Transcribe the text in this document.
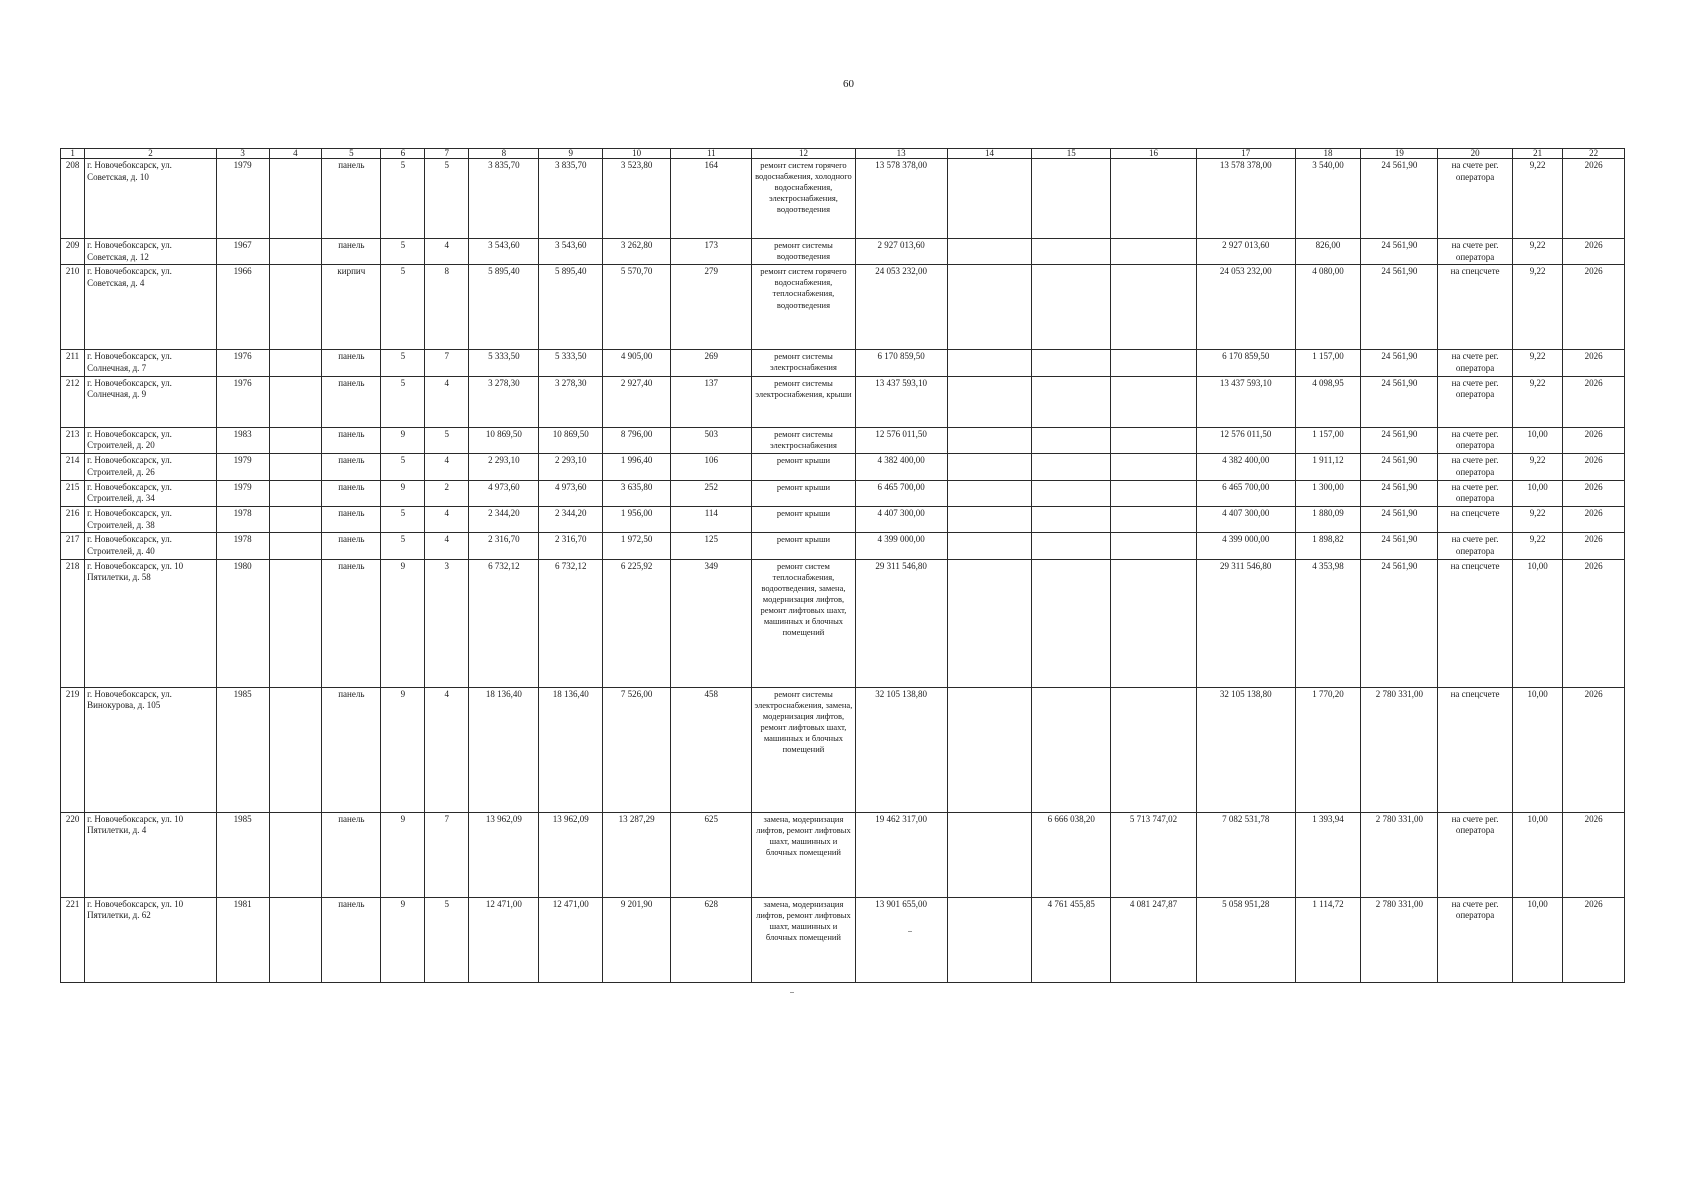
60
1	2	3	4	5	6	7	8	9	10	11	12	13	14	15	16	17	18	19	20	21	22
208	г. Новочебоксарск, ул. Советская, д. 10	1979		панель	5	5	3 835,70	3 835,70	3 523,80	164	ремонт систем горячего водоснабжения, холодного водоснабжения, электроснабжения, водоотведения	13 578 378,00				13 578 378,00	3 540,00	24 561,90	на счете рег. оператора	9,22	2026
209	г. Новочебоксарск, ул. Советская, д. 12	1967		панель	5	4	3 543,60	3 543,60	3 262,80	173	ремонт системы водоотведения	2 927 013,60				2 927 013,60	826,00	24 561,90	на счете рег. оператора	9,22	2026
210	г. Новочебоксарск, ул. Советская, д. 4	1966		кирпич	5	8	5 895,40	5 895,40	5 570,70	279	ремонт систем горячего водоснабжения, теплоснабжения, водоотведения	24 053 232,00				24 053 232,00	4 080,00	24 561,90	на спецсчете	9,22	2026
211	г. Новочебоксарск, ул. Солнечная, д. 7	1976		панель	5	7	5 333,50	5 333,50	4 905,00	269	ремонт системы электроснабжения	6 170 859,50				6 170 859,50	1 157,00	24 561,90	на счете рег. оператора	9,22	2026
212	г. Новочебоксарск, ул. Солнечная, д. 9	1976		панель	5	4	3 278,30	3 278,30	2 927,40	137	ремонт системы электроснабжения, крыши	13 437 593,10				13 437 593,10	4 098,95	24 561,90	на счете рег. оператора	9,22	2026
213	г. Новочебоксарск, ул. Строителей, д. 20	1983		панель	9	5	10 869,50	10 869,50	8 796,00	503	ремонт системы электроснабжения	12 576 011,50				12 576 011,50	1 157,00	24 561,90	на счете рег. оператора	10,00	2026
214	г. Новочебоксарск, ул. Строителей, д. 26	1979		панель	5	4	2 293,10	2 293,10	1 996,40	106	ремонт крыши	4 382 400,00				4 382 400,00	1 911,12	24 561,90	на счете рег. оператора	9,22	2026
215	г. Новочебоксарск, ул. Строителей, д. 34	1979		панель	9	2	4 973,60	4 973,60	3 635,80	252	ремонт крыши	6 465 700,00				6 465 700,00	1 300,00	24 561,90	на счете рег. оператора	10,00	2026
216	г. Новочебоксарск, ул. Строителей, д. 38	1978		панель	5	4	2 344,20	2 344,20	1 956,00	114	ремонт крыши	4 407 300,00				4 407 300,00	1 880,09	24 561,90	на спецсчете	9,22	2026
217	г. Новочебоксарск, ул. Строителей, д. 40	1978		панель	5	4	2 316,70	2 316,70	1 972,50	125	ремонт крыши	4 399 000,00				4 399 000,00	1 898,82	24 561,90	на счете рег. оператора	9,22	2026
218	г. Новочебоксарск, ул. 10 Пятилетки, д. 58	1980		панель	9	3	6 732,12	6 732,12	6 225,92	349	ремонт систем теплоснабжения, водоотведения, замена, модернизация лифтов, ремонт лифтовых шахт, машинных и блочных помещений	29 311 546,80				29 311 546,80	4 353,98	24 561,90	на спецсчете	10,00	2026
219	г. Новочебоксарск, ул. Винокурова, д. 105	1985		панель	9	4	18 136,40	18 136,40	7 526,00	458	ремонт системы электроснабжения, замена, модернизация лифтов, ремонт лифтовых шахт, машинных и блочных помещений	32 105 138,80				32 105 138,80	1 770,20	2 780 331,00	на спецсчете	10,00	2026
220	г. Новочебоксарск, ул. 10 Пятилетки, д. 4	1985		панель	9	7	13 962,09	13 962,09	13 287,29	625	замена, модернизация лифтов, ремонт лифтовых шахт, машинных и блочных помещений	19 462 317,00		6 666 038,20	5 713 747,02	7 082 531,78	1 393,94	2 780 331,00	на счете рег. оператора	10,00	2026
221	г. Новочебоксарск, ул. 10 Пятилетки, д. 62	1981		панель	9	5	12 471,00	12 471,00	9 201,90	628	замена, модернизация лифтов, ремонт лифтовых шахт, машинных и блочных помещений	13 901 655,00		4 761 455,85	4 081 247,87	5 058 951,28	1 114,72	2 780 331,00	на счете рег. оператора	10,00	2026
